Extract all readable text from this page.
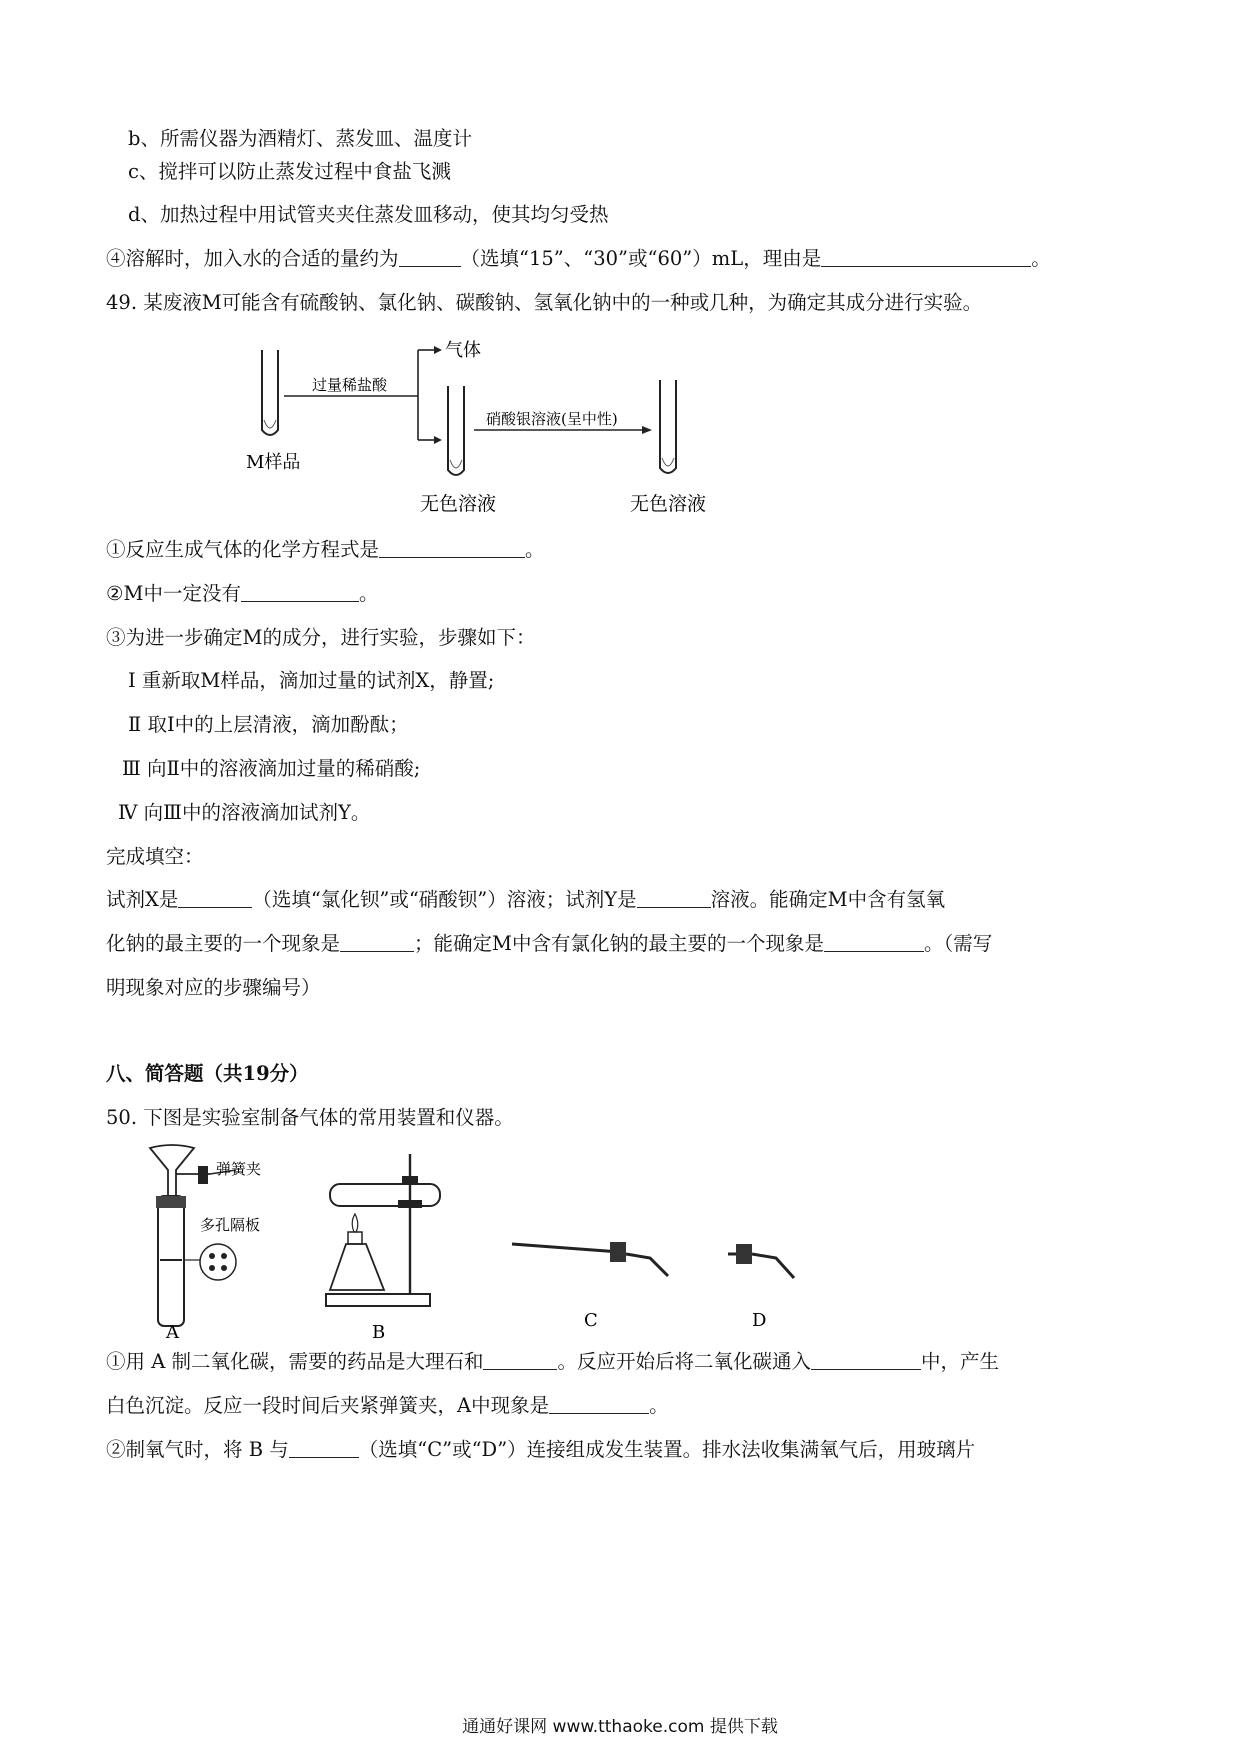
b、所需仪器为酒精灯、蒸发皿、温度计
c、搅拌可以防止蒸发过程中食盐飞溅
d、加热过程中用试管夹夹住蒸发皿移动，使其均匀受热
④溶解时，加入水的合适的量约为	（选填“15”、“30”或“60”）mL，理由是	。
49. 某废液M可能含有硫酸钠、氯化钠、碳酸钠、氢氧化钠中的一种或几种，为确定其成分进行实验。
M样品
过量稀盐酸
气体
硝酸银溶液(呈中性)
无色溶液	无色溶液
①反应生成气体的化学方程式是	。
②M中一定没有	。
③为进一步确定M的成分，进行实验，步骤如下：
Ⅰ 重新取M样品，滴加过量的试剂X，静置;
Ⅱ 取Ⅰ中的上层清液，滴加酚酞；
Ⅲ 向Ⅱ中的溶液滴加过量的稀硝酸;
Ⅳ 向Ⅲ中的溶液滴加试剂Y。
完成填空：
试剂X是	（选填“氯化钡”或“硝酸钡”）溶液；试剂Y是	溶液。能确定M中含有氢氧
化钠的最主要的一个现象是	；能确定M中含有氯化钠的最主要的一个现象是	。（需写
明现象对应的步骤编号）
八、简答题（共19分）
50. 下图是实验室制备气体的常用装置和仪器。
弹簧夹
多孔隔板
A	B
C	D
①用 A 制二氧化碳，需要的药品是大理石和	。反应开始后将二氧化碳通入	中，产生
白色沉淀。反应一段时间后夹紧弹簧夹，A中现象是	。
②制氧气时，将 B 与	（选填“C”或“D”）连接组成发生装置。排水法收集满氧气后，用玻璃片
通通好课网 www.tthaoke.com 提供下载
